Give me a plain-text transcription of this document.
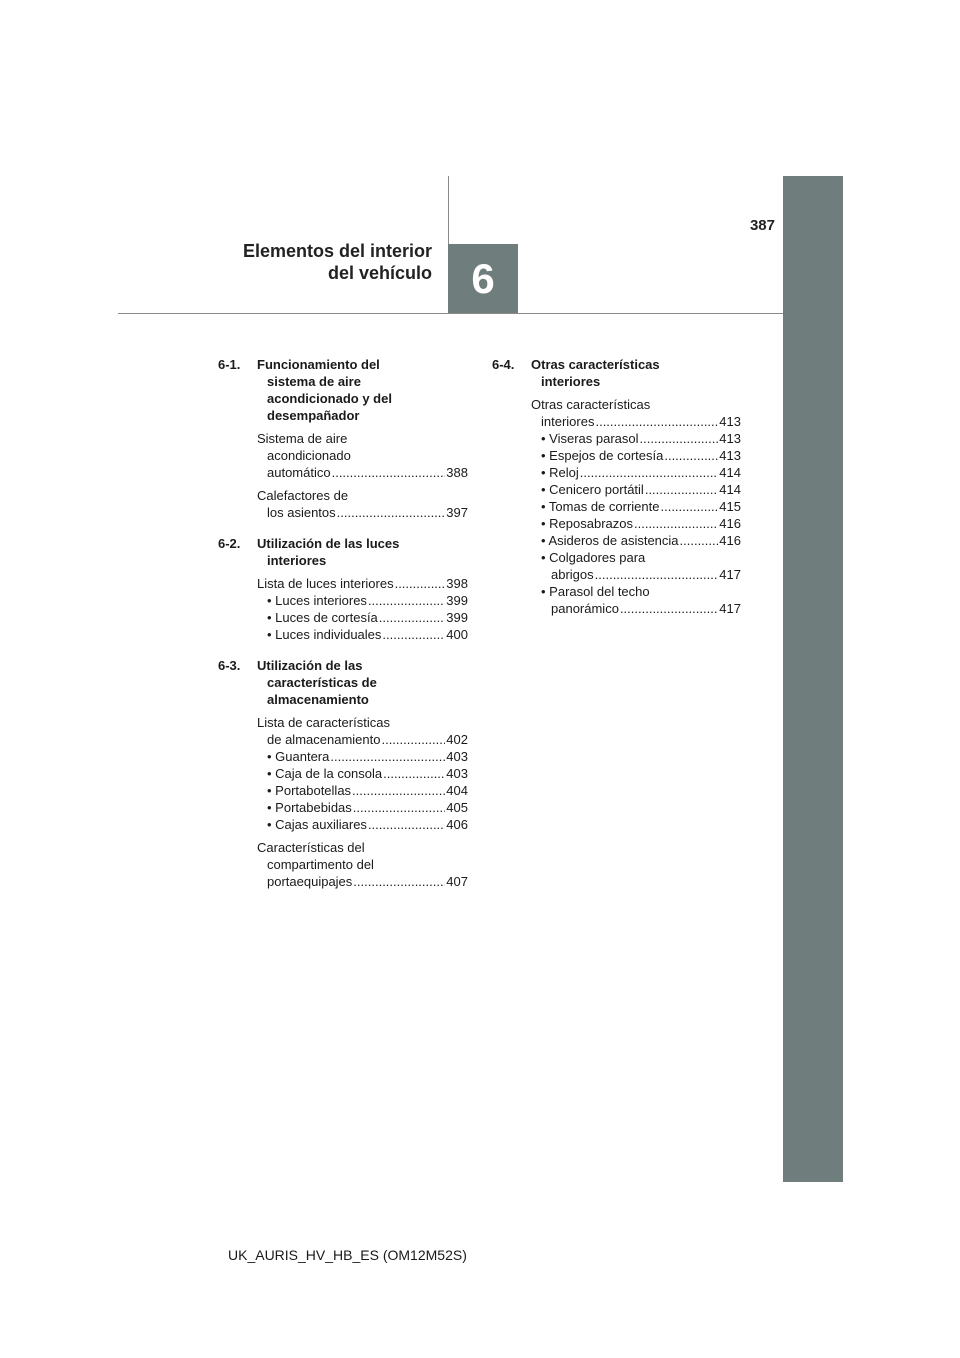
387
6
Elementos del interior
del vehículo
6-1.	Funcionamiento del
sistema de aire
acondicionado y del
desempañador
Sistema de aire
acondicionado
automático .....	388
Calefactores de
los asientos .....	397
6-2.	Utilización de las luces
interiores
Lista de luces interiores .....	398
• Luces interiores .....	399
• Luces de cortesía .....	399
• Luces individuales .....	400
6-3.	Utilización de las
características de
almacenamiento
Lista de características
de almacenamiento .....	402
• Guantera .....	403
• Caja de la consola .....	403
• Portabotellas .....	404
• Portabebidas .....	405
• Cajas auxiliares .....	406
Características del
compartimento del
portaequipajes .....	407
6-4.	Otras características
interiores
Otras características
interiores .....	413
• Viseras parasol .....	413
• Espejos de cortesía .....	413
• Reloj .....	414
• Cenicero portátil .....	414
• Tomas de corriente .....	415
• Reposabrazos .....	416
• Asideros de asistencia .....	416
• Colgadores para
abrigos .....	417
• Parasol del techo
panorámico .....	417
UK_AURIS_HV_HB_ES (OM12M52S)
